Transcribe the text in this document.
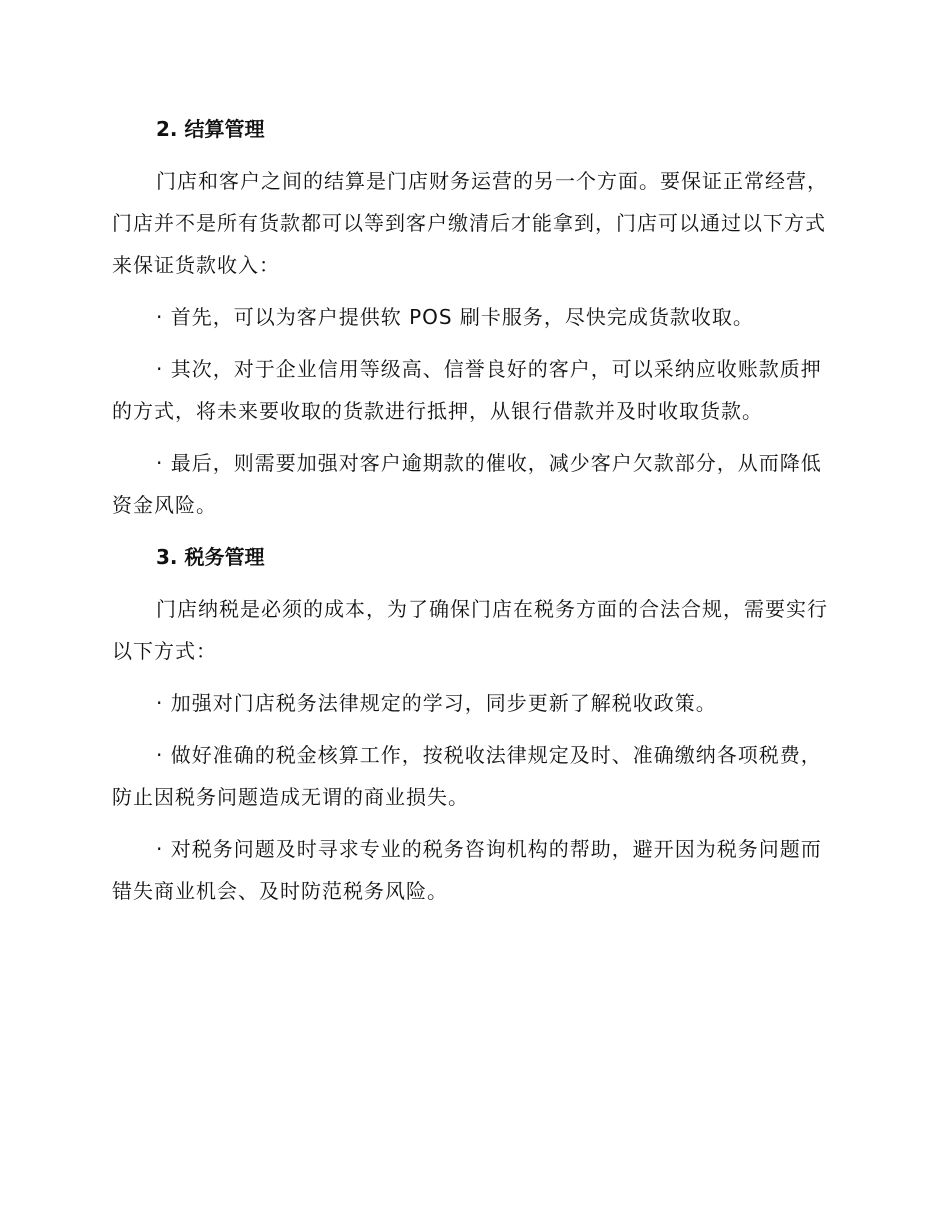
2. 结算管理

门店和客户之间的结算是门店财务运营的另一个方面。要保证正常经营，门店并不是所有货款都可以等到客户缴清后才能拿到，门店可以通过以下方式来保证货款收入：

· 首先，可以为客户提供软 POS 刷卡服务，尽快完成货款收取。

· 其次，对于企业信用等级高、信誉良好的客户，可以采纳应收账款质押的方式，将未来要收取的货款进行抵押，从银行借款并及时收取货款。

· 最后，则需要加强对客户逾期款的催收，减少客户欠款部分，从而降低资金风险。

3. 税务管理

门店纳税是必须的成本，为了确保门店在税务方面的合法合规，需要实行以下方式：

· 加强对门店税务法律规定的学习，同步更新了解税收政策。

· 做好准确的税金核算工作，按税收法律规定及时、准确缴纳各项税费，防止因税务问题造成无谓的商业损失。

· 对税务问题及时寻求专业的税务咨询机构的帮助，避开因为税务问题而错失商业机会、及时防范税务风险。
